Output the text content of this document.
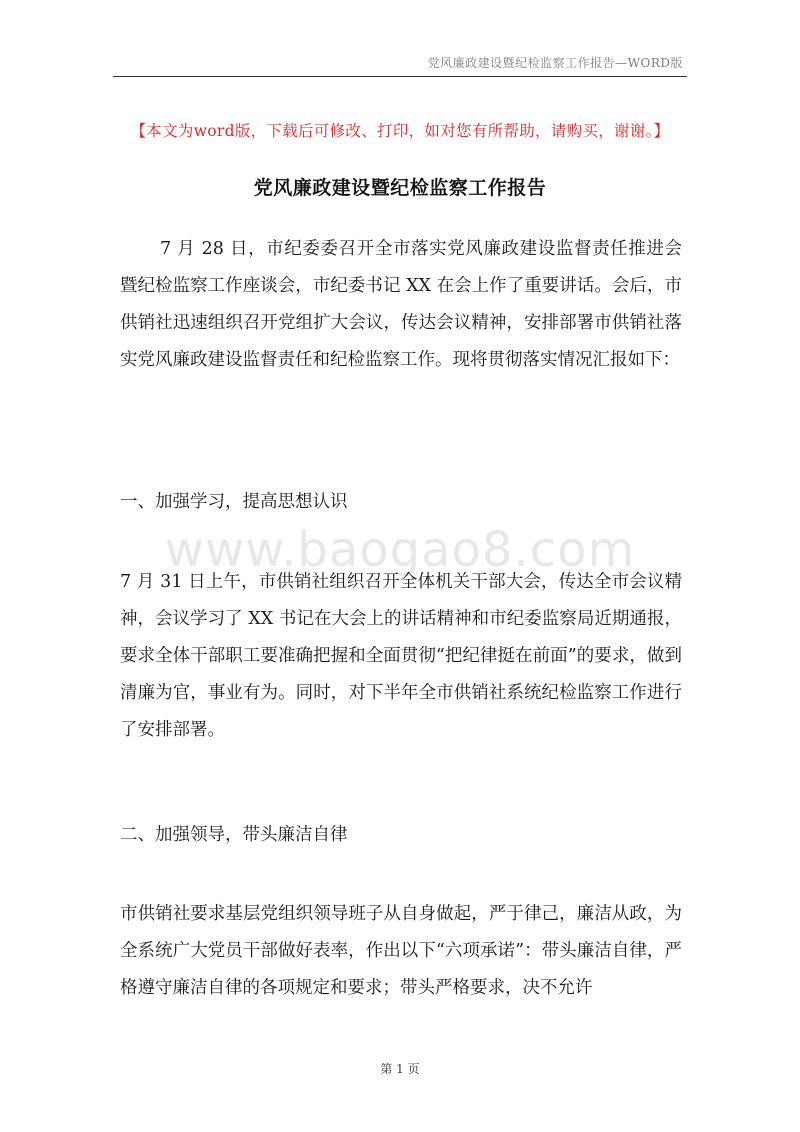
党风廉政建设暨纪检监察工作报告—WORD版
【本文为word版，下载后可修改、打印，如对您有所帮助，请购买，谢谢。】
党风廉政建设暨纪检监察工作报告

7 月 28 日，市纪委委召开全市落实党风廉政建设监督责任推进会暨纪检监察工作座谈会，市纪委书记 XX 在会上作了重要讲话。会后，市供销社迅速组织召开党组扩大会议，传达会议精神，安排部署市供销社落实党风廉政建设监督责任和纪检监察工作。现将贯彻落实情况汇报如下：

一、加强学习，提高思想认识

www.baogao8.com

7 月 31 日上午，市供销社组织召开全体机关干部大会，传达全市会议精神，会议学习了 XX 书记在大会上的讲话精神和市纪委监察局近期通报，要求全体干部职工要准确把握和全面贯彻“把纪律挺在前面”的要求，做到清廉为官，事业有为。同时，对下半年全市供销社系统纪检监察工作进行了安排部署。

二、加强领导，带头廉洁自律

市供销社要求基层党组织领导班子从自身做起，严于律己，廉洁从政，为全系统广大党员干部做好表率，作出以下“六项承诺”：带头廉洁自律，严格遵守廉洁自律的各项规定和要求；带头严格要求，决不允许

第 1 页
